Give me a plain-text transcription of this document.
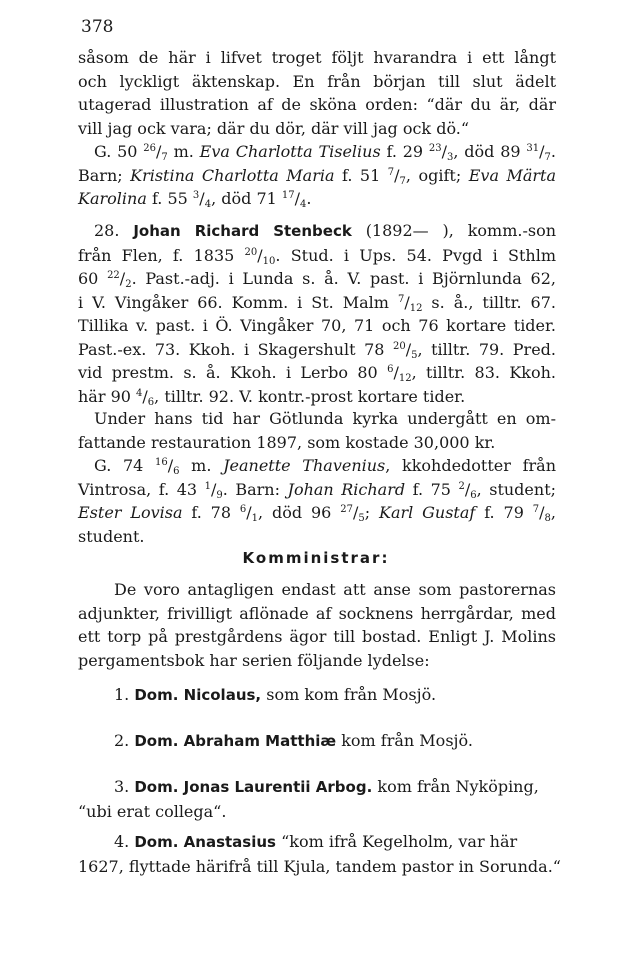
378
såsom de här i lifvet troget följt hvarandra i ett långt
och lyckligt äktenskap. En från början till slut ädelt
utagerad illustration af de sköna orden: “där du är, där
vill jag ock vara; där du dör, där vill jag ock dö.“
G. 50 $^{26}/_7$ m. Eva Charlotta Tiselius f. 29 $^{23}/_3$, död 89 $^{31}/_7$.
Barn; Kristina Charlotta Maria f. 51 $^7/_7$, ogift; Eva Märta
Karolina f. 55 $^3/_4$, död 71 $^{17}/_4$.
28. Johan Richard Stenbeck (1892— ), komm.-son
från Flen, f. 1835 $^{20}/_{10}$. Stud. i Ups. 54. Pvgd i Sthlm
60 $^{22}/_2$. Past.-adj. i Lunda s. å. V. past. i Björnlunda 62,
i V. Vingåker 66. Komm. i St. Malm $^7/_{12}$ s. å., tilltr. 67.
Tillika v. past. i Ö. Vingåker 70, 71 och 76 kortare tider.
Past.-ex. 73. Kkoh. i Skagershult 78 $^{20}/_5$, tilltr. 79. Pred.
vid prestm. s. å. Kkoh. i Lerbo 80 $^6/_{12}$, tilltr. 83. Kkoh.
här 90 $^4/_6$, tilltr. 92. V. kontr.-prost kortare tider.
Under hans tid har Götlunda kyrka undergått en om-
fattande restauration 1897, som kostade 30,000 kr.
G. 74 $^{16}/_6$ m. Jeanette Thavenius, kkohdedotter från
Vintrosa, f. 43 $^1/_9$. Barn: Johan Richard f. 75 $^2/_6$, student;
Ester Lovisa f. 78 $^6/_1$, död 96 $^{27}/_5$; Karl Gustaf f. 79 $^7/_8$,
student.
Komministrar:
De voro antagligen endast att anse som pastorernas
adjunkter, frivilligt aflönade af socknens herrgårdar, med
ett torp på prestgårdens ägor till bostad. Enligt J. Molins
pergamentsbok har serien följande lydelse:
1. Dom. Nicolaus, som kom från Mosjö.
2. Dom. Abraham Matthiæ kom från Mosjö.
3. Dom. Jonas Laurentii Arbog. kom från Nyköping,
“ubi erat collega“.
4. Dom. Anastasius “kom ifrå Kegelholm, var här
1627, flyttade härifrå till Kjula, tandem pastor in Sorunda.“
